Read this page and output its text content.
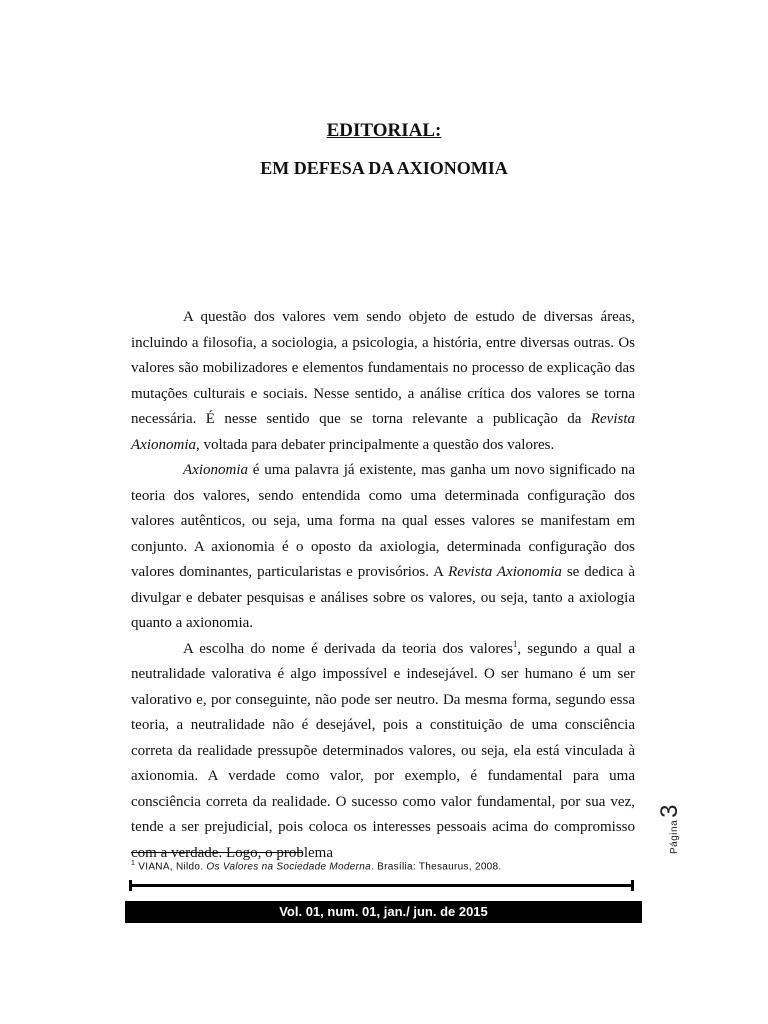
EDITORIAL:
EM DEFESA DA AXIONOMIA

A questão dos valores vem sendo objeto de estudo de diversas áreas, incluindo a filosofia, a sociologia, a psicologia, a história, entre diversas outras. Os valores são mobilizadores e elementos fundamentais no processo de explicação das mutações culturais e sociais. Nesse sentido, a análise crítica dos valores se torna necessária. É nesse sentido que se torna relevante a publicação da Revista Axionomia, voltada para debater principalmente a questão dos valores.

Axionomia é uma palavra já existente, mas ganha um novo significado na teoria dos valores, sendo entendida como uma determinada configuração dos valores autênticos, ou seja, uma forma na qual esses valores se manifestam em conjunto. A axionomia é o oposto da axiologia, determinada configuração dos valores dominantes, particularistas e provisórios. A Revista Axionomia se dedica à divulgar e debater pesquisas e análises sobre os valores, ou seja, tanto a axiologia quanto a axionomia.

A escolha do nome é derivada da teoria dos valores$^1$, segundo a qual a neutralidade valorativa é algo impossível e indesejável. O ser humano é um ser valorativo e, por conseguinte, não pode ser neutro. Da mesma forma, segundo essa teoria, a neutralidade não é desejável, pois a constituição de uma consciência correta da realidade pressupõe determinados valores, ou seja, ela está vinculada à axionomia. A verdade como valor, por exemplo, é fundamental para uma consciência correta da realidade. O sucesso como valor fundamental, por sua vez, tende a ser prejudicial, pois coloca os interesses pessoais acima do compromisso com a verdade. Logo, o problema

$^1$ VIANA, Nildo. Os Valores na Sociedade Moderna. Brasília: Thesaurus, 2008.
Vol. 01, num. 01, jan./ jun. de 2015
Página3
